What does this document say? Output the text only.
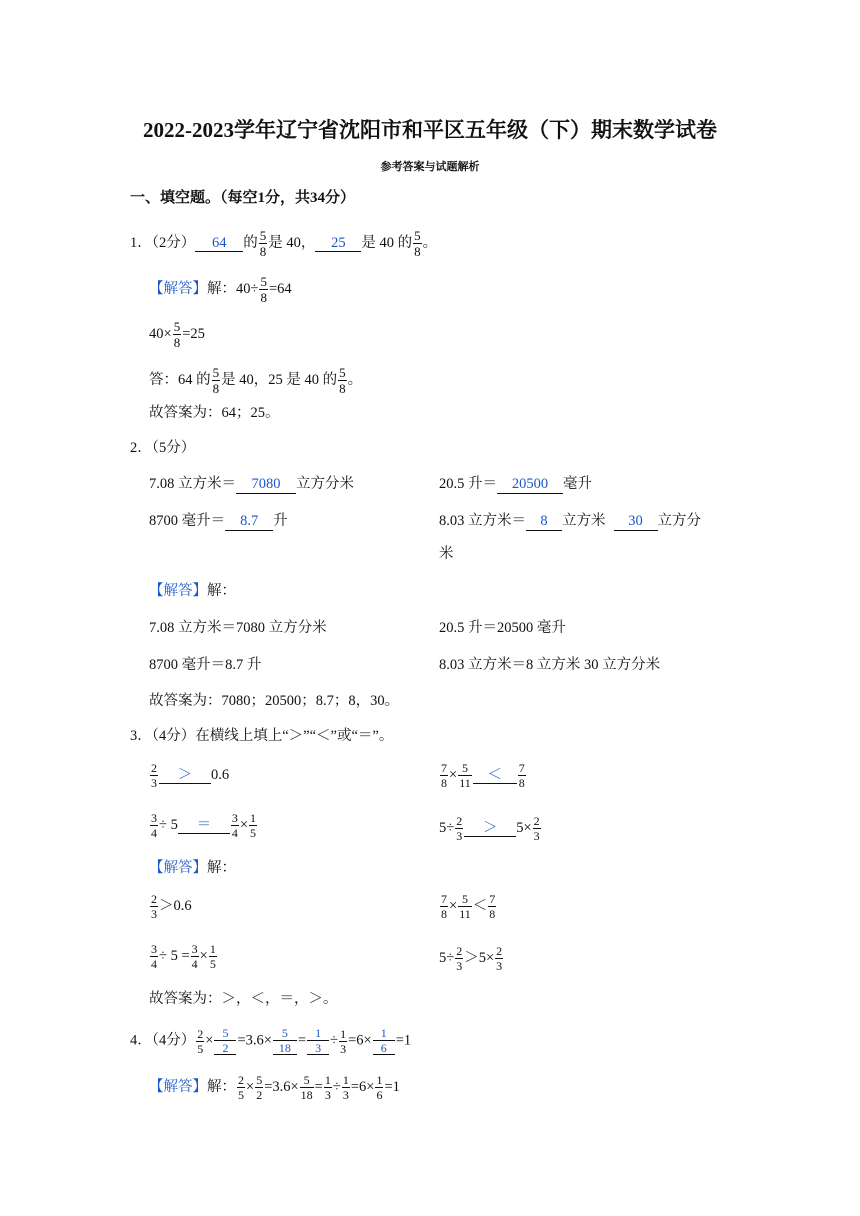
2022-2023学年辽宁省沈阳市和平区五年级（下）期末数学试卷
参考答案与试题解析
一、填空题。（每空1分，共34分）
1．（2分） 64 的 $\frac{5}{8}$ 是 40， 25 是 40 的 $\frac{5}{8}$ 。
【解答】解：$40\div \frac{5}{8} =64$
$40\times \frac{5}{8} =25$
答：64 的 $\frac{5}{8}$ 是 40，25 是 40 的 $\frac{5}{8}$ 。
故答案为：64；25。
2．（5分）
7.08 立方米＝ 7080 立方分米	20.5 升＝ 20500 毫升
8700 毫升＝ 8.7 升	8.03 立方米＝ 8 立方米 30 立方分
米
【解答】解：
7.08 立方米＝7080 立方分米	20.5 升＝20500 毫升
8700 毫升＝8.7 升	8.03 立方米＝8 立方米 30 立方分米
故答案为：7080；20500；8.7；8，30。
3．（4分）在横线上填上“＞”“＜”或“＝”。
$\frac{2}{3} > 0.6$	$\frac{7}{8} \times \frac{5}{11} < \frac{7}{8}$
$\frac{3}{4} \div 5 = \frac{3}{4} \times \frac{1}{5}$	$5\div \frac{2}{3} > 5\times \frac{2}{3}$
【解答】解：
$\frac{2}{3} >0.6$	$\frac{7}{8} \times \frac{5}{11} < \frac{7}{8}$
$\frac{3}{4} \div 5 = \frac{3}{4} \times \frac{1}{5}$	$5\div \frac{2}{3} >5\times \frac{2}{3}$
故答案为：＞，＜，＝，＞。
4．（4分） $\frac{2}{5} \times \frac{5}{2} =3.6\times \frac{5}{18} = \frac{1}{3} \div \frac{1}{3} =6\times \frac{1}{6} =1$
【解答】解： $\frac{2}{5} \times \frac{5}{2} =3.6\times \frac{5}{18} = \frac{1}{3} \div \frac{1}{3} =6\times \frac{1}{6} =1$
